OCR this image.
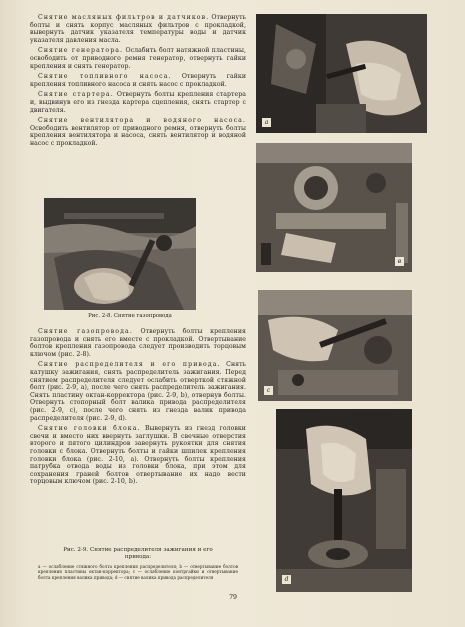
Снятие масляных фильтров и датчиков. Отвернуть болты и снять корпус масляных фильтров с прокладкой, вывернуть датчик указателя температуры воды и датчик указателя давления масла.

Снятие генератора. Ослабить болт натяжной пластины, освободить от приводного ремня генератор, отвернуть гайки крепления и снять генератор.

Снятие топливного насоса. Отвернуть гайки крепления топливного насоса и снять насос с прокладкой.

Снятие стартера. Отвернуть болты крепления стартера и, выдвинув его из гнезда картера сцепления, снять стартер с двигателя.

Снятие вентилятора и водяного насоса. Освободить вентилятор от приводного ремня, отвернуть болты крепления вентилятора и насоса, снять вентилятор и водяной насос с прокладкой.

Рис. 2-8. Снятие газопровода

Снятие газопровода. Отвернуть болты крепления газопровода и снять его вместе с прокладкой. Отвертывание болтов крепления газопровода следует производить торцовым ключом (рис. 2-8).

Снятие распределителя и его привода. Снять катушку зажигания, снять распределитель зажигания. Перед снятием распределителя следует ослабить отверткой стяжной болт (рис. 2-9, а), после чего снять распределитель зажигания. Снять пластину октан-корректора (рис. 2-9, b), отвернув болты. Отвернуть стопорный болт валика привода распределителя (рис. 2-9, с), после чего снять из гнезда валик привода распределителя (рис. 2-9, d).

Снятие головки блока. Вывернуть из гнезд головки свечи и вместо них ввернуть заглушки. В свечные отверстия второго и пятого цилиндров завернуть рукоятки для снятия головки с блока. Отвернуть болты и гайки шпилек крепления головки блока (рис. 2-10, а). Отвернуть болты крепления патрубка отвода воды из головки блока, при этом для сохранения граней болтов отвертывание их надо вести торцовым ключом (рис. 2-10, b).

Рис. 2-9. Снятие распределителя зажигания и его
привода:
а — ослабление стяжного болта крепления распределителя; b — отвертывание болтов крепления пластины октан-корректора; с — ослабление контргайки и отвертывание болта крепления валика привода; d — снятие валика привода распределителя
79
a
в
с
d
